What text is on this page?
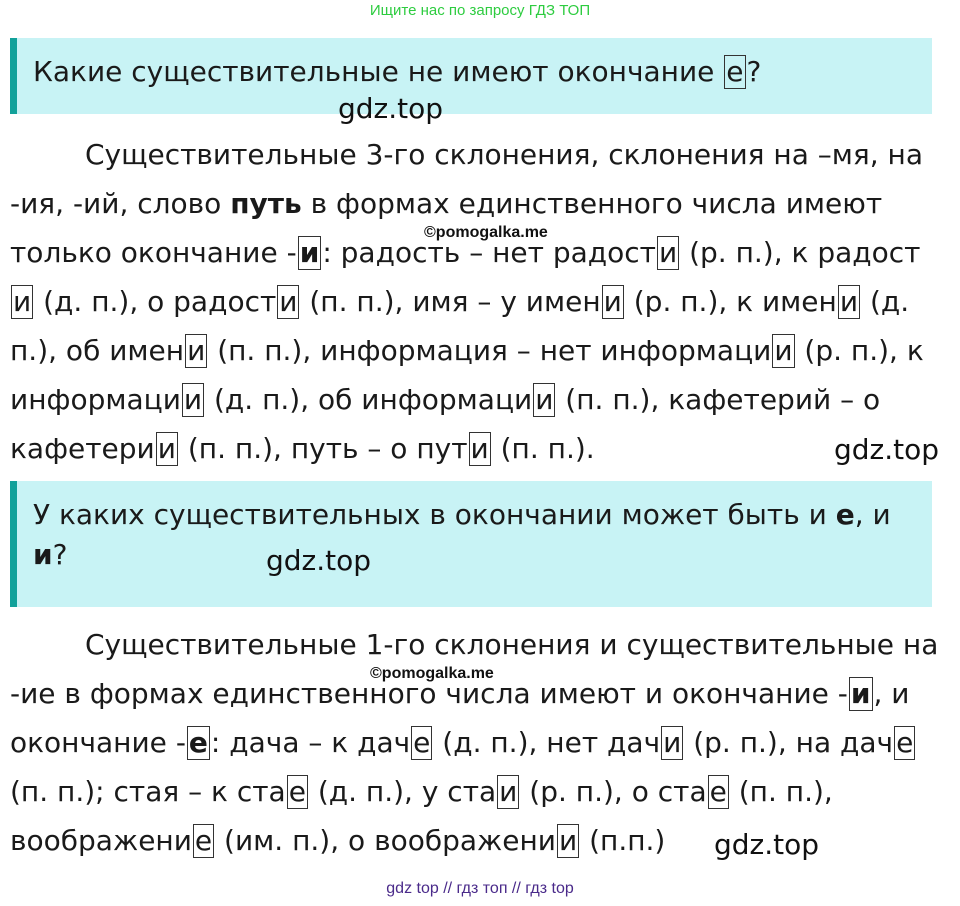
Ищите нас по запросу ГДЗ ТОП
Какие существительные не имеют окончание е ?
gdz.top

Существительные 3-го склонения, склонения на –мя, на -ия, -ий, слово путь в формах единственного числа имеют только окончание - и : радость – нет радост и (р. п.), к радости (д. п.), о радост и (п. п.), имя – у имен и (р. п.), к имен и (д. п.), об имен и (п. п.), информация – нет информаци и (р. п.), к информаци и (д. п.), об информаци и (п. п.), кафетерий – о кафетери и (п. п.), путь – о пут и (п. п.).

©pomogalka.me
gdz.top
У каких существительных в окончании может быть и е, и
и?	gdz.top

Существительные 1-го склонения и существительные на -ие в формах единственного числа имеют и окончание - и , и окончание - е : дача – к дач е (д. п.), нет дач и (р. п.), на дач е (п. п.); стая – к ста е (д. п.), у ста и (р. п.), о ста е (п. п.), воображени е (им. п.), о воображени и (п.п.)

©pomogalka.me
gdz.top
gdz top // гдз топ // гдз top
